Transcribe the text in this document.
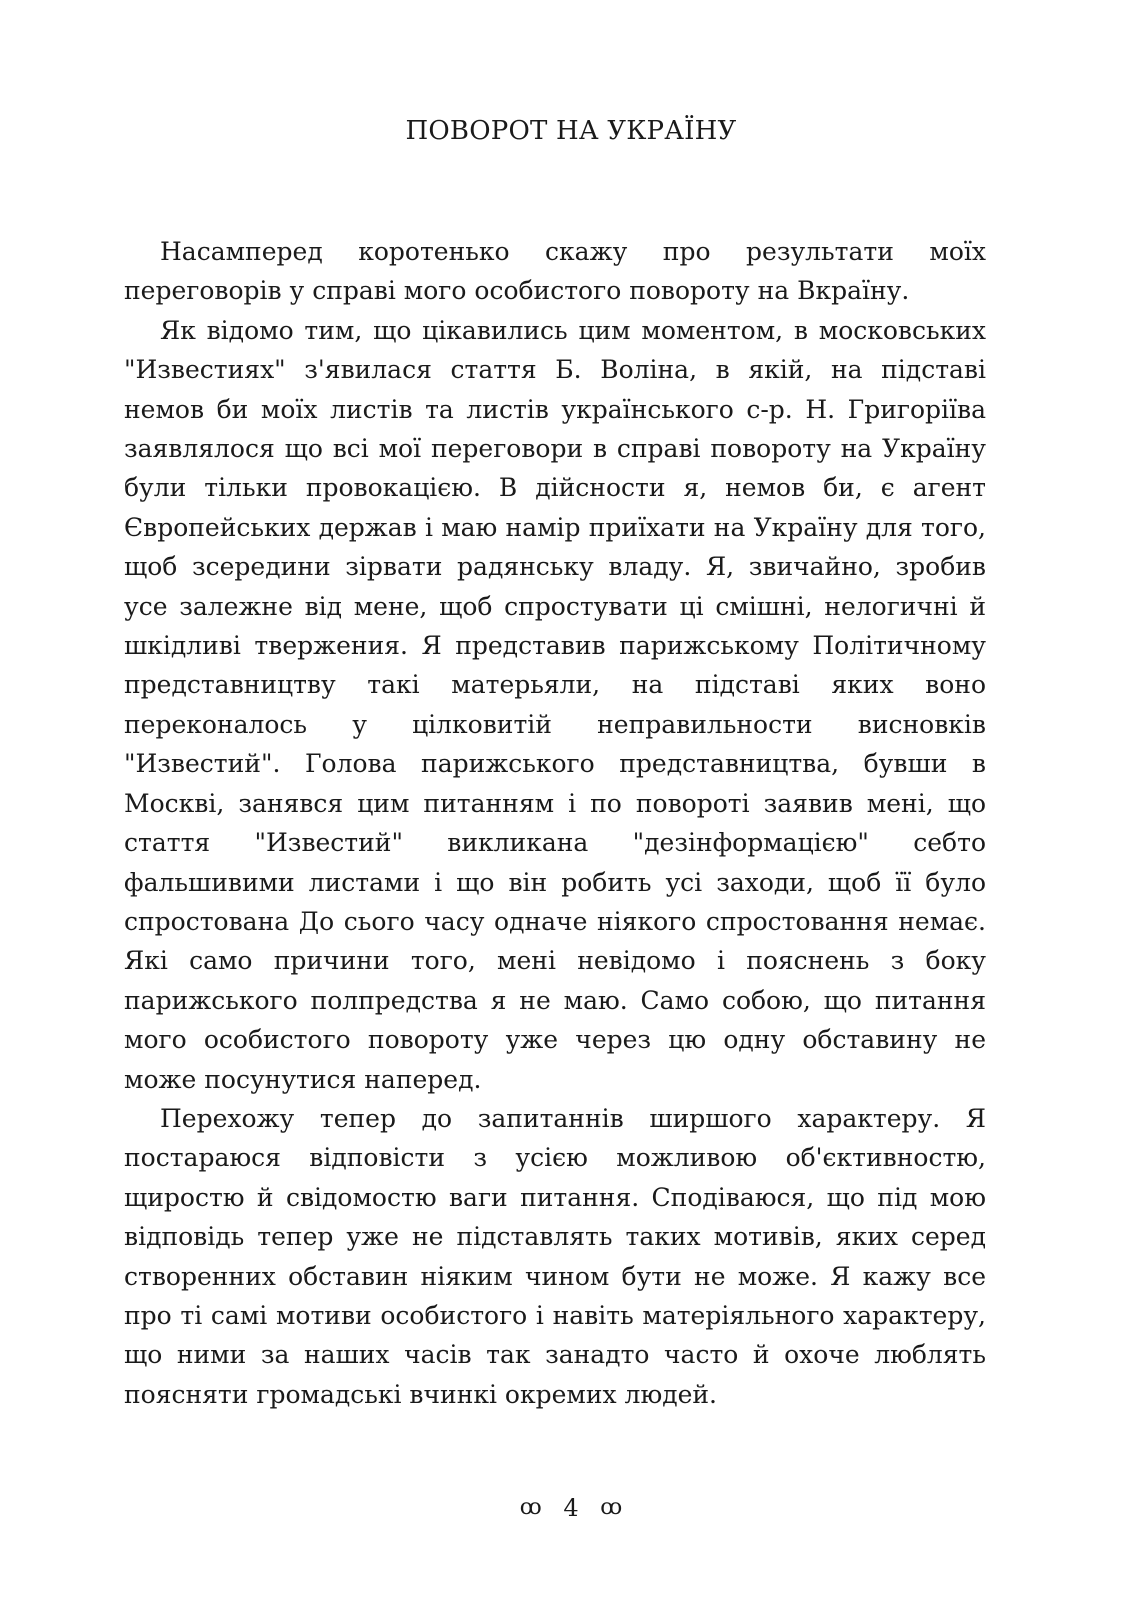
ПОВОРОТ НА УКРАЇНУ

Насамперед коротенько скажу про результати моїх переговорів у справі мого особистого повороту на Вкраїну.

Як відомо тим, що цікавились цим моментом, в московських "Известиях" з'явилася стаття Б. Воліна, в якій, на підставі немов би моїх листів та листів українського с-р. Н. Григоріїва заявлялося що всі мої переговори в справі повороту на Україну були тільки провокацією. В дійсности я, немов би, є агент Європейських держав і маю намір приїхати на Україну для того, щоб зсередини зірвати радянську владу. Я, звичайно, зробив усе залежне від мене, щоб спростувати ці смішні, нелогичні й шкідливі твержения. Я представив парижському Політичному представництву такі матерьяли, на підставі яких воно переконалось у цілковитій неправильности висновків "Известий". Голова парижського представництва, бувши в Москві, занявся цим питанням і по повороті заявив мені, що стаття "Известий" викликана "дезінформацією" себто фальшивими листами і що він робить усі заходи, щоб її було спростована До сього часу одначе ніякого спростовання немає. Які само причини того, мені невідомо і пояснень з боку парижського полпредства я не маю. Само собою, що питання мого особистого повороту уже через цю одну обставину не може посунутися наперед.

Перехожу тепер до запитаннів ширшого характеру. Я постараюся відповісти з усією можливою об'єктивностю, щиростю й свідомостю ваги питання. Сподіваюся, що під мою відповідь тепер уже не підставлять таких мотивів, яких серед створенних обставин ніяким чином бути не може. Я кажу все про ті самі мотиви особистого і навіть матеріяльного характеру, що ними за наших часів так занадто часто й охоче люблять поясняти громадські вчинкі окремих людей.

ꝏ 4 ꝏ
